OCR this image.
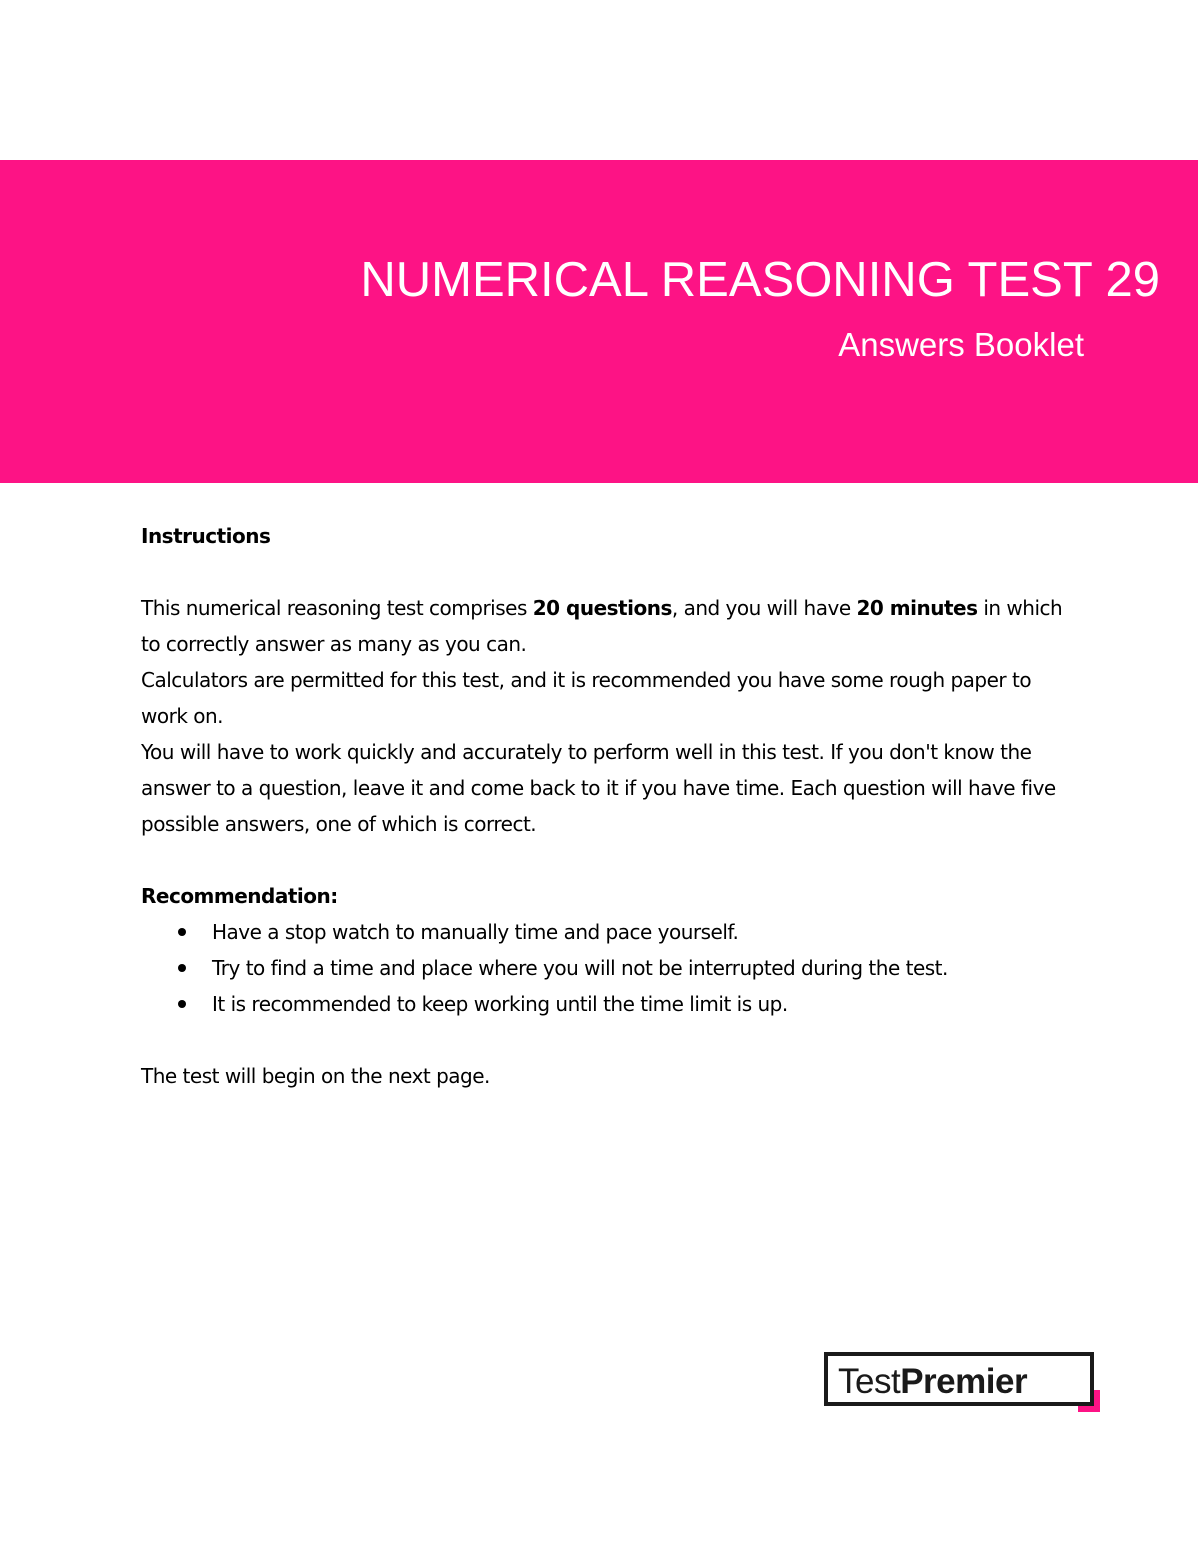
NUMERICAL REASONING TEST 29
Answers Booklet

Instructions

This numerical reasoning test comprises 20 questions, and you will have 20 minutes in which to correctly answer as many as you can.

Calculators are permitted for this test, and it is recommended you have some rough paper to work on.

You will have to work quickly and accurately to perform well in this test. If you don't know the answer to a question, leave it and come back to it if you have time. Each question will have five possible answers, one of which is correct.

Recommendation:

Have a stop watch to manually time and pace yourself.
Try to find a time and place where you will not be interrupted during the test.
It is recommended to keep working until the time limit is up.

The test will begin on the next page.

TestPremier
